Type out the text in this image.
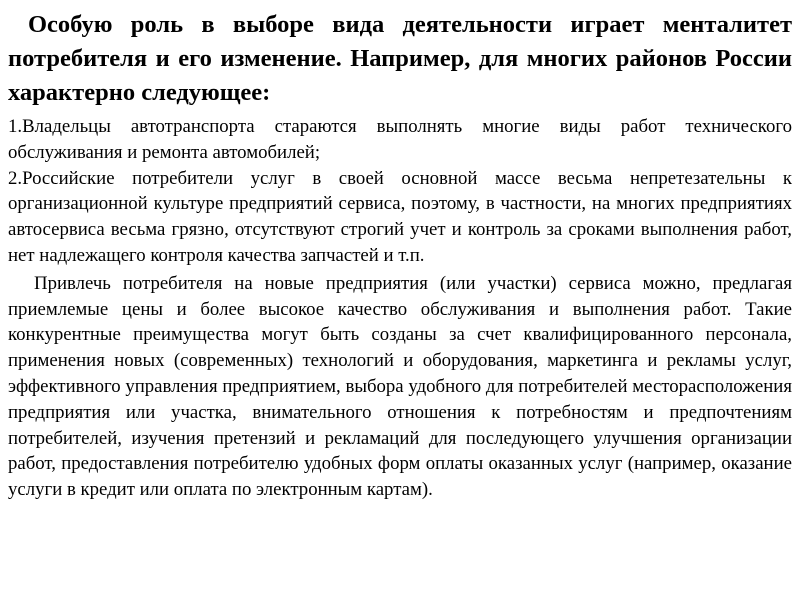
Особую роль в выборе вида деятельности играет менталитет потребителя и его изменение. Например, для многих районов России характерно следующее:

1.Владельцы автотранспорта стараются выполнять многие виды работ технического обслуживания и ремонта автомобилей;

2.Российские потребители услуг в своей основной массе весьма непретезательны к организационной культуре предприятий сервиса, поэтому, в частности, на многих предприятиях автосервиса весьма грязно, отсутствуют строгий учет и контроль за сроками выполнения работ, нет надлежащего контроля качества запчастей и т.п.

Привлечь потребителя на новые предприятия (или участки) сервиса можно, предлагая приемлемые цены и более высокое качество обслуживания и выполнения работ. Такие конкурентные преимущества могут быть созданы за счет квалифицированного персонала, применения новых (современных) технологий и оборудования, маркетинга и рекламы услуг, эффективного управления предприятием, выбора удобного для потребителей месторасположения предприятия или участка, внимательного отношения к потребностям и предпочтениям потребителей, изучения претензий и рекламаций для последующего улучшения организации работ, предоставления потребителю удобных форм оплаты оказанных услуг (например, оказание услуги в кредит или оплата по электронным картам).
